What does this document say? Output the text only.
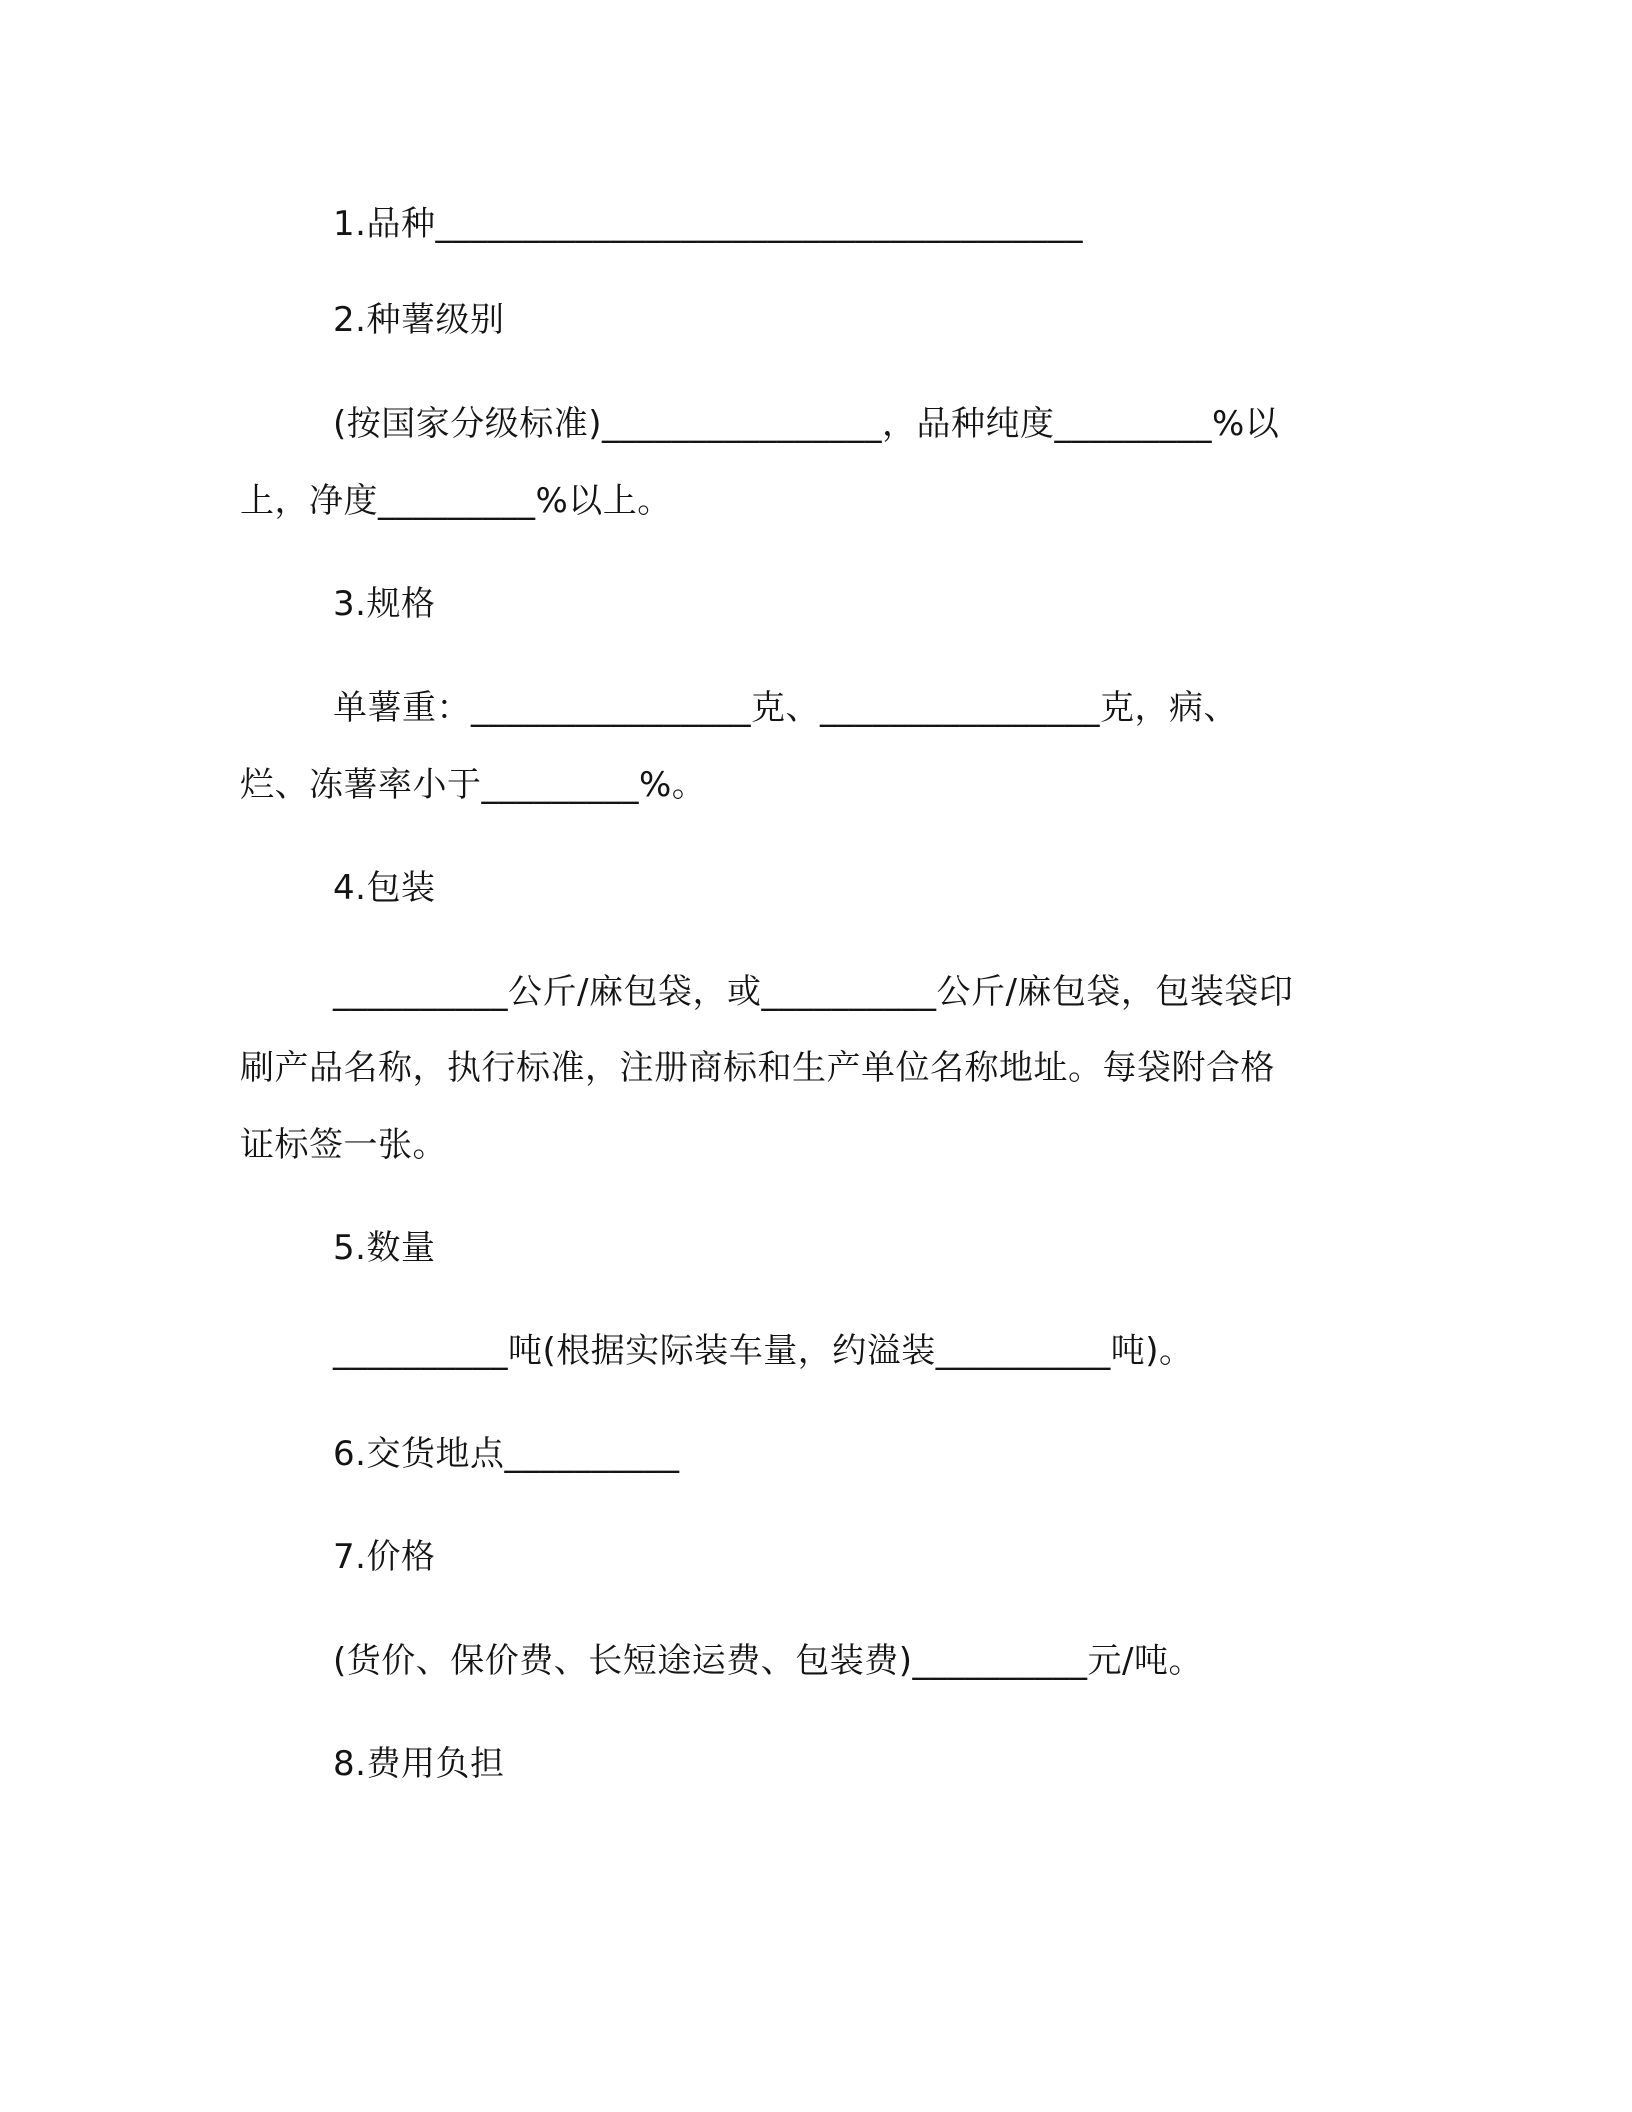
1.品种_____________________________________
2.种薯级别
(按国家分级标准)________________，品种纯度_________%以
上，净度_________%以上。
3.规格
单薯重：________________克、________________克，病、
烂、冻薯率小于_________%。
4.包装
__________公斤/麻包袋，或__________公斤/麻包袋，包装袋印
刷产品名称，执行标准，注册商标和生产单位名称地址。每袋附合格
证标签一张。
5.数量
__________吨(根据实际装车量，约溢装__________吨)。
6.交货地点__________
7.价格
(货价、保价费、长短途运费、包装费)__________元/吨。
8.费用负担
